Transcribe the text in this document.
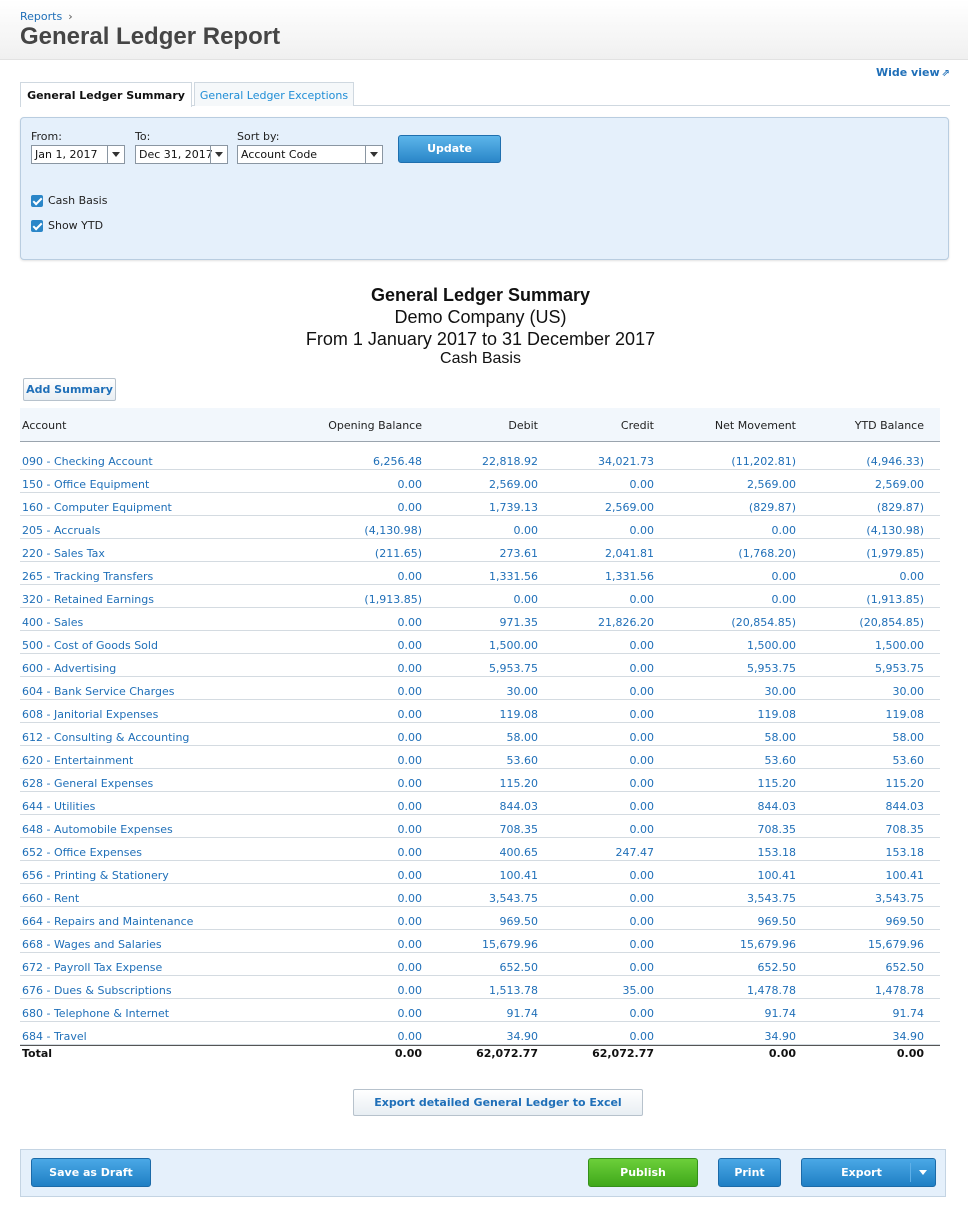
Reports ›
General Ledger Report
Wide view ⇗
General Ledger Summary	General Ledger Exceptions
From:
Jan 1, 2017
To:
Dec 31, 2017
Sort by:
Account Code	Update
Cash Basis
Show YTD
General Ledger Summary
Demo Company (US)
From 1 January 2017 to 31 December 2017
Cash Basis
Add Summary
Account	Opening Balance	Debit	Credit	Net Movement	YTD Balance
090 - Checking Account	6,256.48	22,818.92	34,021.73	(11,202.81)	(4,946.33)
150 - Office Equipment	0.00	2,569.00	0.00	2,569.00	2,569.00
160 - Computer Equipment	0.00	1,739.13	2,569.00	(829.87)	(829.87)
205 - Accruals	(4,130.98)	0.00	0.00	0.00	(4,130.98)
220 - Sales Tax	(211.65)	273.61	2,041.81	(1,768.20)	(1,979.85)
265 - Tracking Transfers	0.00	1,331.56	1,331.56	0.00	0.00
320 - Retained Earnings	(1,913.85)	0.00	0.00	0.00	(1,913.85)
400 - Sales	0.00	971.35	21,826.20	(20,854.85)	(20,854.85)
500 - Cost of Goods Sold	0.00	1,500.00	0.00	1,500.00	1,500.00
600 - Advertising	0.00	5,953.75	0.00	5,953.75	5,953.75
604 - Bank Service Charges	0.00	30.00	0.00	30.00	30.00
608 - Janitorial Expenses	0.00	119.08	0.00	119.08	119.08
612 - Consulting & Accounting	0.00	58.00	0.00	58.00	58.00
620 - Entertainment	0.00	53.60	0.00	53.60	53.60
628 - General Expenses	0.00	115.20	0.00	115.20	115.20
644 - Utilities	0.00	844.03	0.00	844.03	844.03
648 - Automobile Expenses	0.00	708.35	0.00	708.35	708.35
652 - Office Expenses	0.00	400.65	247.47	153.18	153.18
656 - Printing & Stationery	0.00	100.41	0.00	100.41	100.41
660 - Rent	0.00	3,543.75	0.00	3,543.75	3,543.75
664 - Repairs and Maintenance	0.00	969.50	0.00	969.50	969.50
668 - Wages and Salaries	0.00	15,679.96	0.00	15,679.96	15,679.96
672 - Payroll Tax Expense	0.00	652.50	0.00	652.50	652.50
676 - Dues & Subscriptions	0.00	1,513.78	35.00	1,478.78	1,478.78
680 - Telephone & Internet	0.00	91.74	0.00	91.74	91.74
684 - Travel	0.00	34.90	0.00	34.90	34.90
Total	0.00	62,072.77	62,072.77	0.00	0.00
Export detailed General Ledger to Excel
Save as Draft	Publish	Print	Export
